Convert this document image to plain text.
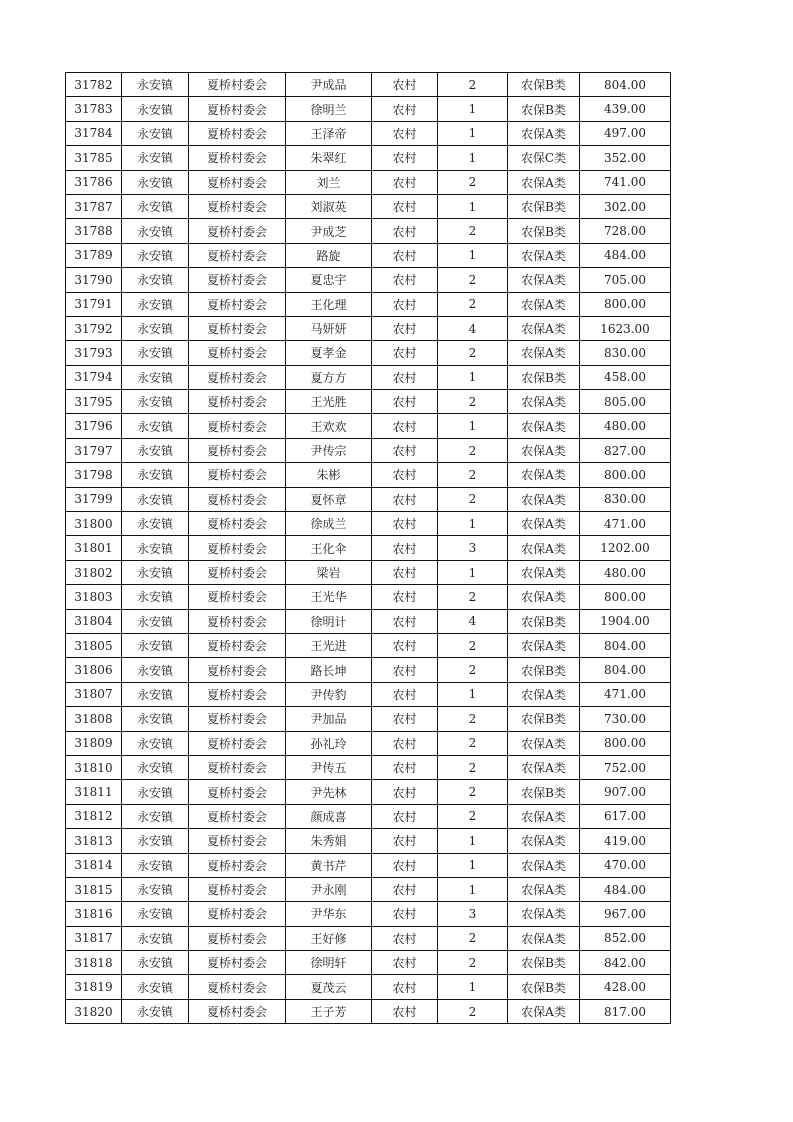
31782	永安镇	夏桥村委会	尹成品	农村	2	农保B类	804.00
31783	永安镇	夏桥村委会	徐明兰	农村	1	农保B类	439.00
31784	永安镇	夏桥村委会	王泽帝	农村	1	农保A类	497.00
31785	永安镇	夏桥村委会	朱翠红	农村	1	农保C类	352.00
31786	永安镇	夏桥村委会	刘兰	农村	2	农保A类	741.00
31787	永安镇	夏桥村委会	刘淑英	农村	1	农保B类	302.00
31788	永安镇	夏桥村委会	尹成芝	农村	2	农保B类	728.00
31789	永安镇	夏桥村委会	路旋	农村	1	农保A类	484.00
31790	永安镇	夏桥村委会	夏忠宇	农村	2	农保A类	705.00
31791	永安镇	夏桥村委会	王化理	农村	2	农保A类	800.00
31792	永安镇	夏桥村委会	马妍妍	农村	4	农保A类	1623.00
31793	永安镇	夏桥村委会	夏孝金	农村	2	农保A类	830.00
31794	永安镇	夏桥村委会	夏方方	农村	1	农保B类	458.00
31795	永安镇	夏桥村委会	王光胜	农村	2	农保A类	805.00
31796	永安镇	夏桥村委会	王欢欢	农村	1	农保A类	480.00
31797	永安镇	夏桥村委会	尹传宗	农村	2	农保A类	827.00
31798	永安镇	夏桥村委会	朱彬	农村	2	农保A类	800.00
31799	永安镇	夏桥村委会	夏怀章	农村	2	农保A类	830.00
31800	永安镇	夏桥村委会	徐成兰	农村	1	农保A类	471.00
31801	永安镇	夏桥村委会	王化伞	农村	3	农保A类	1202.00
31802	永安镇	夏桥村委会	梁岩	农村	1	农保A类	480.00
31803	永安镇	夏桥村委会	王光华	农村	2	农保A类	800.00
31804	永安镇	夏桥村委会	徐明计	农村	4	农保B类	1904.00
31805	永安镇	夏桥村委会	王光进	农村	2	农保A类	804.00
31806	永安镇	夏桥村委会	路长坤	农村	2	农保B类	804.00
31807	永安镇	夏桥村委会	尹传豹	农村	1	农保A类	471.00
31808	永安镇	夏桥村委会	尹加品	农村	2	农保B类	730.00
31809	永安镇	夏桥村委会	孙礼玲	农村	2	农保A类	800.00
31810	永安镇	夏桥村委会	尹传五	农村	2	农保A类	752.00
31811	永安镇	夏桥村委会	尹先林	农村	2	农保B类	907.00
31812	永安镇	夏桥村委会	颜成喜	农村	2	农保A类	617.00
31813	永安镇	夏桥村委会	朱秀娟	农村	1	农保A类	419.00
31814	永安镇	夏桥村委会	黄书芹	农村	1	农保A类	470.00
31815	永安镇	夏桥村委会	尹永刚	农村	1	农保A类	484.00
31816	永安镇	夏桥村委会	尹华东	农村	3	农保A类	967.00
31817	永安镇	夏桥村委会	王好修	农村	2	农保A类	852.00
31818	永安镇	夏桥村委会	徐明轩	农村	2	农保B类	842.00
31819	永安镇	夏桥村委会	夏茂云	农村	1	农保B类	428.00
31820	永安镇	夏桥村委会	王子芳	农村	2	农保A类	817.00
